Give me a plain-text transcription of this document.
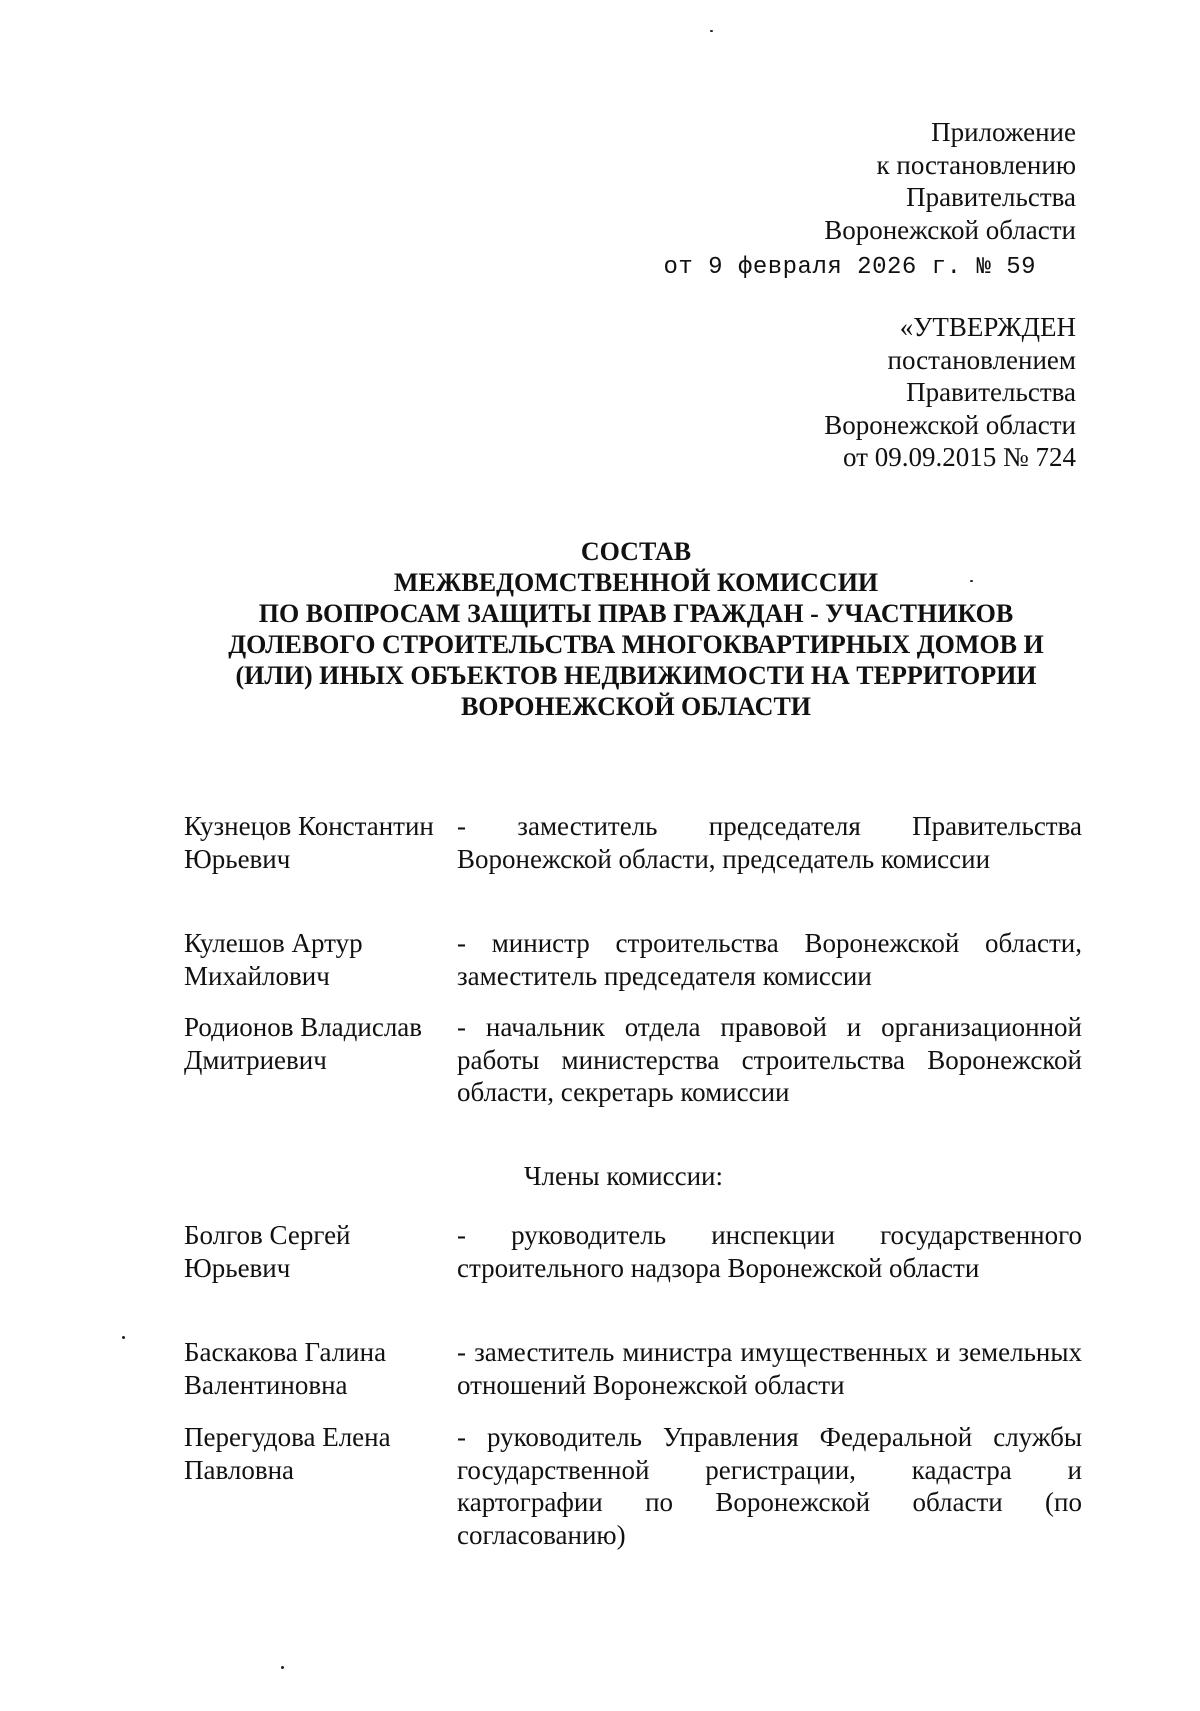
Приложение
к постановлению
Правительства
Воронежской области
от 9 февраля 2026 г. № 59
«УТВЕРЖДЕН
постановлением
Правительства
Воронежской области
от 09.09.2015 № 724
СОСТАВ
МЕЖВЕДОМСТВЕННОЙ КОМИССИИ
ПО ВОПРОСАМ ЗАЩИТЫ ПРАВ ГРАЖДАН - УЧАСТНИКОВ
ДОЛЕВОГО СТРОИТЕЛЬСТВА МНОГОКВАРТИРНЫХ ДОМОВ И
(ИЛИ) ИНЫХ ОБЪЕКТОВ НЕДВИЖИМОСТИ НА ТЕРРИТОРИИ
ВОРОНЕЖСКОЙ ОБЛАСТИ
Кузнецов Константин Юрьевич
- заместитель председателя Правительства Воронежской области, председатель комиссии
Кулешов Артур Михайлович
- министр строительства Воронежской области, заместитель председателя комиссии
Родионов Владислав Дмитриевич
- начальник отдела правовой и организационной работы министерства строительства Воронежской области, секретарь комиссии
Члены комиссии:
Болгов Сергей Юрьевич
- руководитель инспекции государственного строительного надзора Воронежской области
Баскакова Галина Валентиновна
- заместитель министра имущественных и земельных отношений Воронежской области
Перегудова Елена Павловна
- руководитель Управления Федеральной службы государственной регистрации, кадастра и картографии по Воронежской области (по согласованию)
